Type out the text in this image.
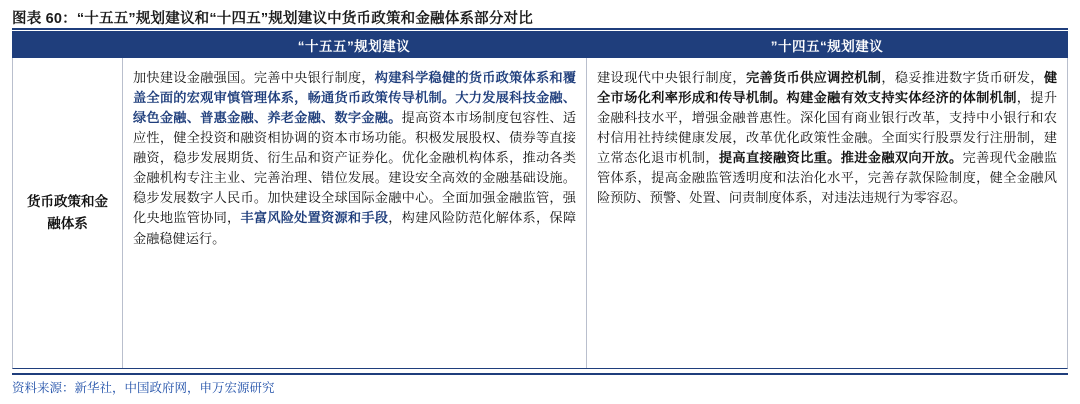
图表 60：“十五五”规划建议和“十四五”规划建议中货币政策和金融体系部分对比
“十五五”规划建议	”十四五“规划建议
货币政策和金融体系
加快建设金融强国。完善中央银行制度，构建科学稳健的货币政策体系和覆盖全面的宏观审慎管理体系，畅通货币政策传导机制。大力发展科技金融、绿色金融、普惠金融、养老金融、数字金融。提高资本市场制度包容性、适应性，健全投资和融资相协调的资本市场功能。积极发展股权、债券等直接融资，稳步发展期货、衍生品和资产证券化。优化金融机构体系，推动各类金融机构专注主业、完善治理、错位发展。建设安全高效的金融基础设施。稳步发展数字人民币。加快建设全球国际金融中心。全面加强金融监管，强化央地监管协同，丰富风险处置资源和手段，构建风险防范化解体系，保障金融稳健运行。
建设现代中央银行制度，完善货币供应调控机制，稳妥推进数字货币研发，健全市场化利率形成和传导机制。构建金融有效支持实体经济的体制机制，提升金融科技水平，增强金融普惠性。深化国有商业银行改革，支持中小银行和农村信用社持续健康发展，改革优化政策性金融。全面实行股票发行注册制，建立常态化退市机制，提高直接融资比重。推进金融双向开放。完善现代金融监管体系，提高金融监管透明度和法治化水平，完善存款保险制度，健全金融风险预防、预警、处置、问责制度体系，对违法违规行为零容忍。
资料来源：新华社，中国政府网，申万宏源研究
